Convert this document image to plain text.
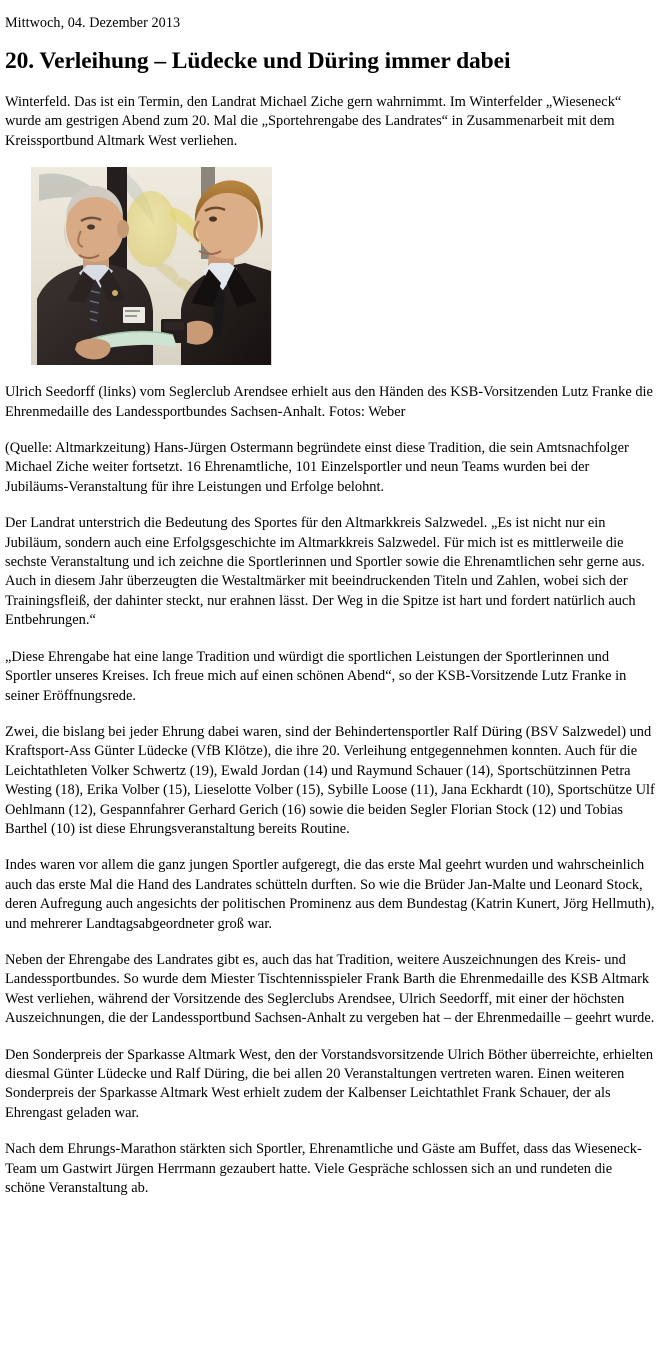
Mittwoch, 04. Dezember 2013

20. Verleihung – Lüdecke und Düring immer dabei

Winterfeld. Das ist ein Termin, den Landrat Michael Ziche gern wahrnimmt. Im Winterfelder „Wieseneck“ wurde am gestrigen Abend zum 20. Mal die „Sportehrengabe des Landrates“ in Zusammenarbeit mit dem Kreissportbund Altmark West verliehen.

Ulrich Seedorff (links) vom Seglerclub Arendsee erhielt aus den Händen des KSB-Vorsitzenden Lutz Franke die Ehrenmedaille des Landessportbundes Sachsen-Anhalt. Fotos: Weber

(Quelle: Altmarkzeitung) Hans-Jürgen Ostermann begründete einst diese Tradition, die sein Amtsnachfolger Michael Ziche weiter fortsetzt. 16 Ehrenamtliche, 101 Einzelsportler und neun Teams wurden bei der Jubiläums-Veranstaltung für ihre Leistungen und Erfolge belohnt.

Der Landrat unterstrich die Bedeutung des Sportes für den Altmarkkreis Salzwedel. „Es ist nicht nur ein Jubiläum, sondern auch eine Erfolgsgeschichte im Altmarkkreis Salzwedel. Für mich ist es mittlerweile die sechste Veranstaltung und ich zeichne die Sportlerinnen und Sportler sowie die Ehrenamtlichen sehr gerne aus. Auch in diesem Jahr überzeugten die Westaltmärker mit beeindruckenden Titeln und Zahlen, wobei sich der Trainingsfleiß, der dahinter steckt, nur erahnen lässt. Der Weg in die Spitze ist hart und fordert natürlich auch Entbehrungen.“

„Diese Ehrengabe hat eine lange Tradition und würdigt die sportlichen Leistungen der Sportlerinnen und Sportler unseres Kreises. Ich freue mich auf einen schönen Abend“, so der KSB-Vorsitzende Lutz Franke in seiner Eröffnungsrede.

Zwei, die bislang bei jeder Ehrung dabei waren, sind der Behindertensportler Ralf Düring (BSV Salzwedel) und Kraftsport-Ass Günter Lüdecke (VfB Klötze), die ihre 20. Verleihung entgegennehmen konnten. Auch für die Leichtathleten Volker Schwertz (19), Ewald Jordan (14) und Raymund Schauer (14), Sportschützinnen Petra Westing (18), Erika Volber (15), Lieselotte Volber (15), Sybille Loose (11), Jana Eckhardt (10), Sportschütze Ulf Oehlmann (12), Gespannfahrer Gerhard Gerich (16) sowie die beiden Segler Florian Stock (12) und Tobias Barthel (10) ist diese Ehrungsveranstaltung bereits Routine.

Indes waren vor allem die ganz jungen Sportler aufgeregt, die das erste Mal geehrt wurden und wahrscheinlich auch das erste Mal die Hand des Landrates schütteln durften. So wie die Brüder Jan-Malte und Leonard Stock, deren Aufregung auch angesichts der politischen Prominenz aus dem Bundestag (Katrin Kunert, Jörg Hellmuth), und mehrerer Landtagsabgeordneter groß war.

Neben der Ehrengabe des Landrates gibt es, auch das hat Tradition, weitere Auszeichnungen des Kreis- und Landessportbundes. So wurde dem Miester Tischtennisspieler Frank Barth die Ehrenmedaille des KSB Altmark West verliehen, während der Vorsitzende des Seglerclubs Arendsee, Ulrich Seedorff, mit einer der höchsten Auszeichnungen, die der Landessportbund Sachsen-Anhalt zu vergeben hat – der Ehrenmedaille – geehrt wurde.

Den Sonderpreis der Sparkasse Altmark West, den der Vorstandsvorsitzende Ulrich Böther überreichte, erhielten diesmal Günter Lüdecke und Ralf Düring, die bei allen 20 Veranstaltungen vertreten waren. Einen weiteren Sonderpreis der Sparkasse Altmark West erhielt zudem der Kalbenser Leichtathlet Frank Schauer, der als Ehrengast geladen war.

Nach dem Ehrungs-Marathon stärkten sich Sportler, Ehrenamtliche und Gäste am Buffet, dass das Wieseneck-Team um Gastwirt Jürgen Herrmann gezaubert hatte. Viele Gespräche schlossen sich an und rundeten die schöne Veranstaltung ab.
